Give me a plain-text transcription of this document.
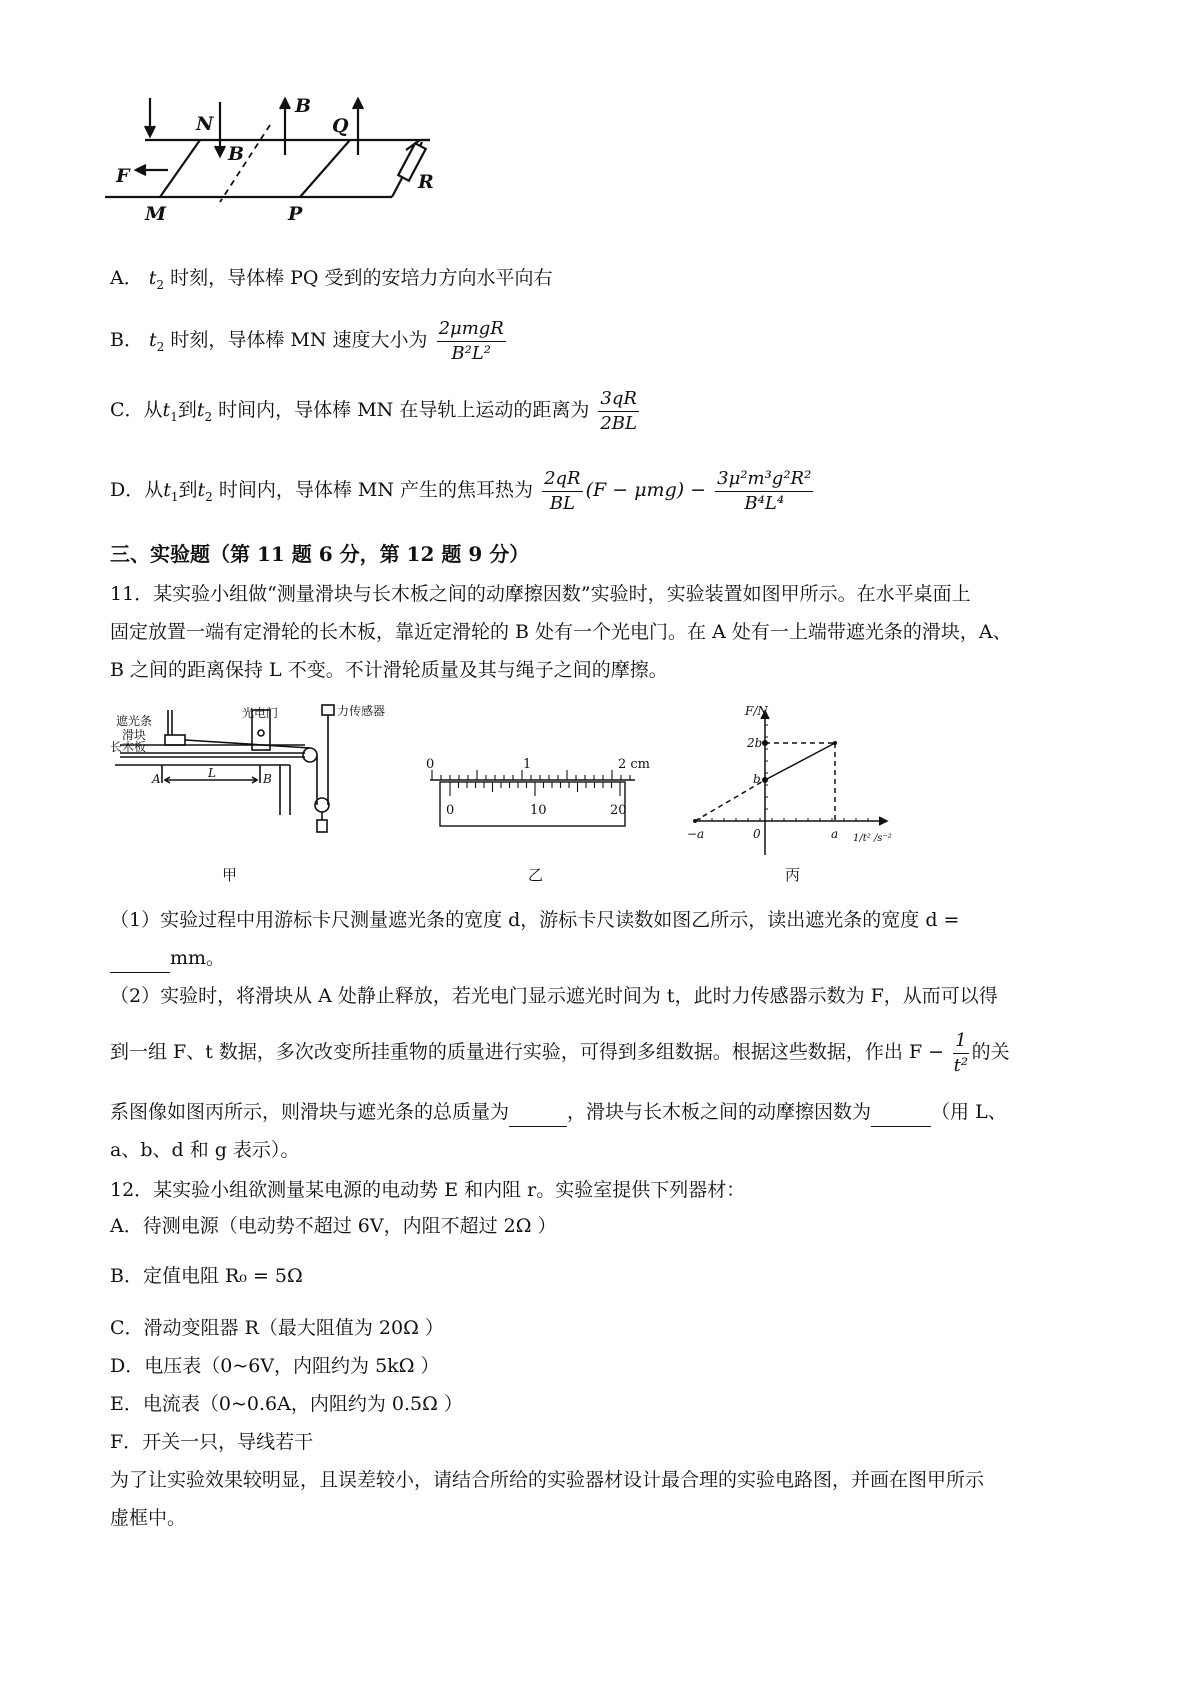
N
B
B
Q
F	R
M	P
A． $t_2$ 时刻，导体棒 PQ 受到的安培力方向水平向右
B． $t_2$ 时刻，导体棒 MN 速度大小为 $\frac{\text{2μmgR}}{\text{B²L²}}$
C．从$t_1$到$t_2$ 时间内，导体棒 MN 在导轨上运动的距离为 $\frac{3qR}{2BL}$
D．从$t_1$到$t_2$ 时间内，导体棒 MN 产生的焦耳热为 $\frac{2qR}{BL} (F - \mu mg) - \frac{\text{3μ²m³g²R²}}{\text{B⁴L⁴}}$
三、实验题（第 11 题 6 分，第 12 题 9 分）
11．某实验小组做“测量滑块与长木板之间的动摩擦因数”实验时，实验装置如图甲所示。在水平桌面上
固定放置一端有定滑轮的长木板，靠近定滑轮的 B 处有一个光电门。在 A 处有一上端带遮光条的滑块，A、
B 之间的距离保持 L 不变。不计滑轮质量及其与绳子之间的摩擦。
遮光条
滑块
长木板
光电门	力传感器
A	L	B
甲
0	1	2 cm
0	10	20
乙
F/N
2b
b
−a	0	a 1/t² /s⁻²
丙
（1）实验过程中用游标卡尺测量遮光条的宽度 d，游标卡尺读数如图乙所示，读出遮光条的宽度 d =
mm。
（2）实验时，将滑块从 A 处静止释放，若光电门显示遮光时间为 t，此时力传感器示数为 F，从而可以得
到一组 F、t 数据，多次改变所挂重物的质量进行实验，可得到多组数据。根据这些数据，作出 $F - \frac{1}{\text{t²}}$ 的关
系图像如图丙所示，则滑块与遮光条的总质量为	，滑块与长木板之间的动摩擦因数为	（用 L、
a、b、d 和 g 表示）。
12．某实验小组欲测量某电源的电动势 E 和内阻 r。实验室提供下列器材：
A．待测电源（电动势不超过 6V，内阻不超过 2Ω ）
B．定值电阻 R₀ = 5Ω
C．滑动变阻器 R（最大阻值为 20Ω ）
D．电压表（0~6V，内阻约为 5kΩ ）
E．电流表（0~0.6A，内阻约为 0.5Ω ）
F．开关一只，导线若干
为了让实验效果较明显，且误差较小，请结合所给的实验器材设计最合理的实验电路图，并画在图甲所示
虚框中。
